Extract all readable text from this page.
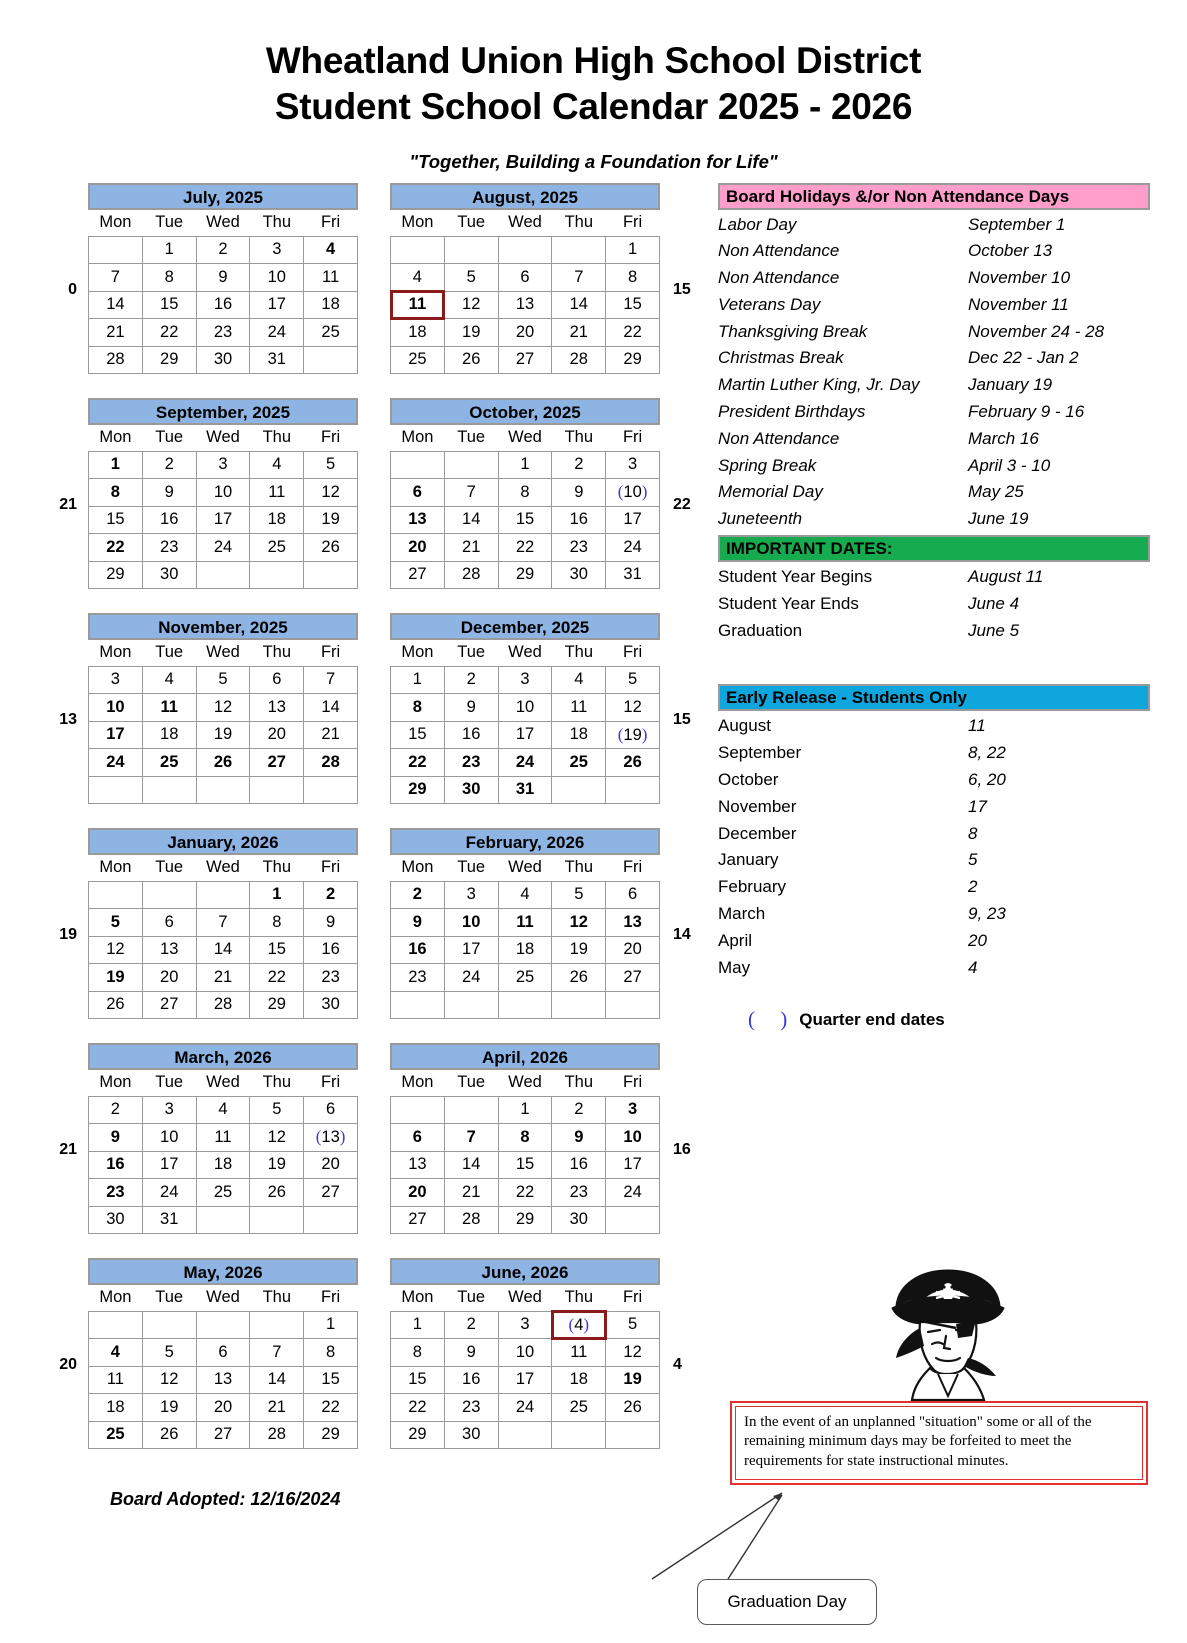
Wheatland Union High School District
Student School Calendar 2025 - 2026
"Together, Building a Foundation for Life"
0
July, 2025
Mon	Tue	Wed	Thu	Fri
	1	2	3	4
7	8	9	10	11
14	15	16	17	18
21	22	23	24	25
28	29	30	31	
August, 2025
Mon	Tue	Wed	Thu	Fri
				1
4	5	6	7	8
11	12	13	14	15
18	19	20	21	22
25	26	27	28	29
15
21
September, 2025
Mon	Tue	Wed	Thu	Fri
1	2	3	4	5
8	9	10	11	12
15	16	17	18	19
22	23	24	25	26
29	30			
October, 2025
Mon	Tue	Wed	Thu	Fri
		1	2	3
6	7	8	9	(10)
13	14	15	16	17
20	21	22	23	24
27	28	29	30	31
22
13
November, 2025
Mon	Tue	Wed	Thu	Fri
3	4	5	6	7
10	11	12	13	14
17	18	19	20	21
24	25	26	27	28

December, 2025
Mon	Tue	Wed	Thu	Fri
1	2	3	4	5
8	9	10	11	12
15	16	17	18	(19)
22	23	24	25	26
29	30	31		
15
19
January, 2026
Mon	Tue	Wed	Thu	Fri
			1	2
5	6	7	8	9
12	13	14	15	16
19	20	21	22	23
26	27	28	29	30
February, 2026
Mon	Tue	Wed	Thu	Fri
2	3	4	5	6
9	10	11	12	13
16	17	18	19	20
23	24	25	26	27

14
21
March, 2026
Mon	Tue	Wed	Thu	Fri
2	3	4	5	6
9	10	11	12	(13)
16	17	18	19	20
23	24	25	26	27
30	31			
April, 2026
Mon	Tue	Wed	Thu	Fri
		1	2	3
6	7	8	9	10
13	14	15	16	17
20	21	22	23	24
27	28	29	30	
16
20
May, 2026
Mon	Tue	Wed	Thu	Fri
				1
4	5	6	7	8
11	12	13	14	15
18	19	20	21	22
25	26	27	28	29
June, 2026
Mon	Tue	Wed	Thu	Fri
1	2	3	(4)	5
8	9	10	11	12
15	16	17	18	19
22	23	24	25	26
29	30			
4
Board Holidays &/or Non Attendance Days
Labor Day	September 1
Non Attendance	October 13
Non Attendance	November 10
Veterans Day	November 11
Thanksgiving Break	November 24 - 28
Christmas Break	Dec 22 - Jan 2
Martin Luther King, Jr. Day	January 19
President Birthdays	February 9 - 16
Non Attendance	March 16
Spring Break	April 3 - 10
Memorial Day	May 25
Juneteenth	June 19
IMPORTANT DATES:
Student Year Begins	August 11
Student Year Ends	June 4
Graduation	June 5
Early Release - Students Only
August	11
September	8, 22
October	6, 20
November	17
December	8
January	5
February	2
March	9, 23
April	20
May	4
( ) Quarter end dates
In the event of an unplanned "situation" some or all of the remaining minimum days may be forfeited to meet the requirements for state instructional minutes.
Graduation Day
Board Adopted: 12/16/2024
